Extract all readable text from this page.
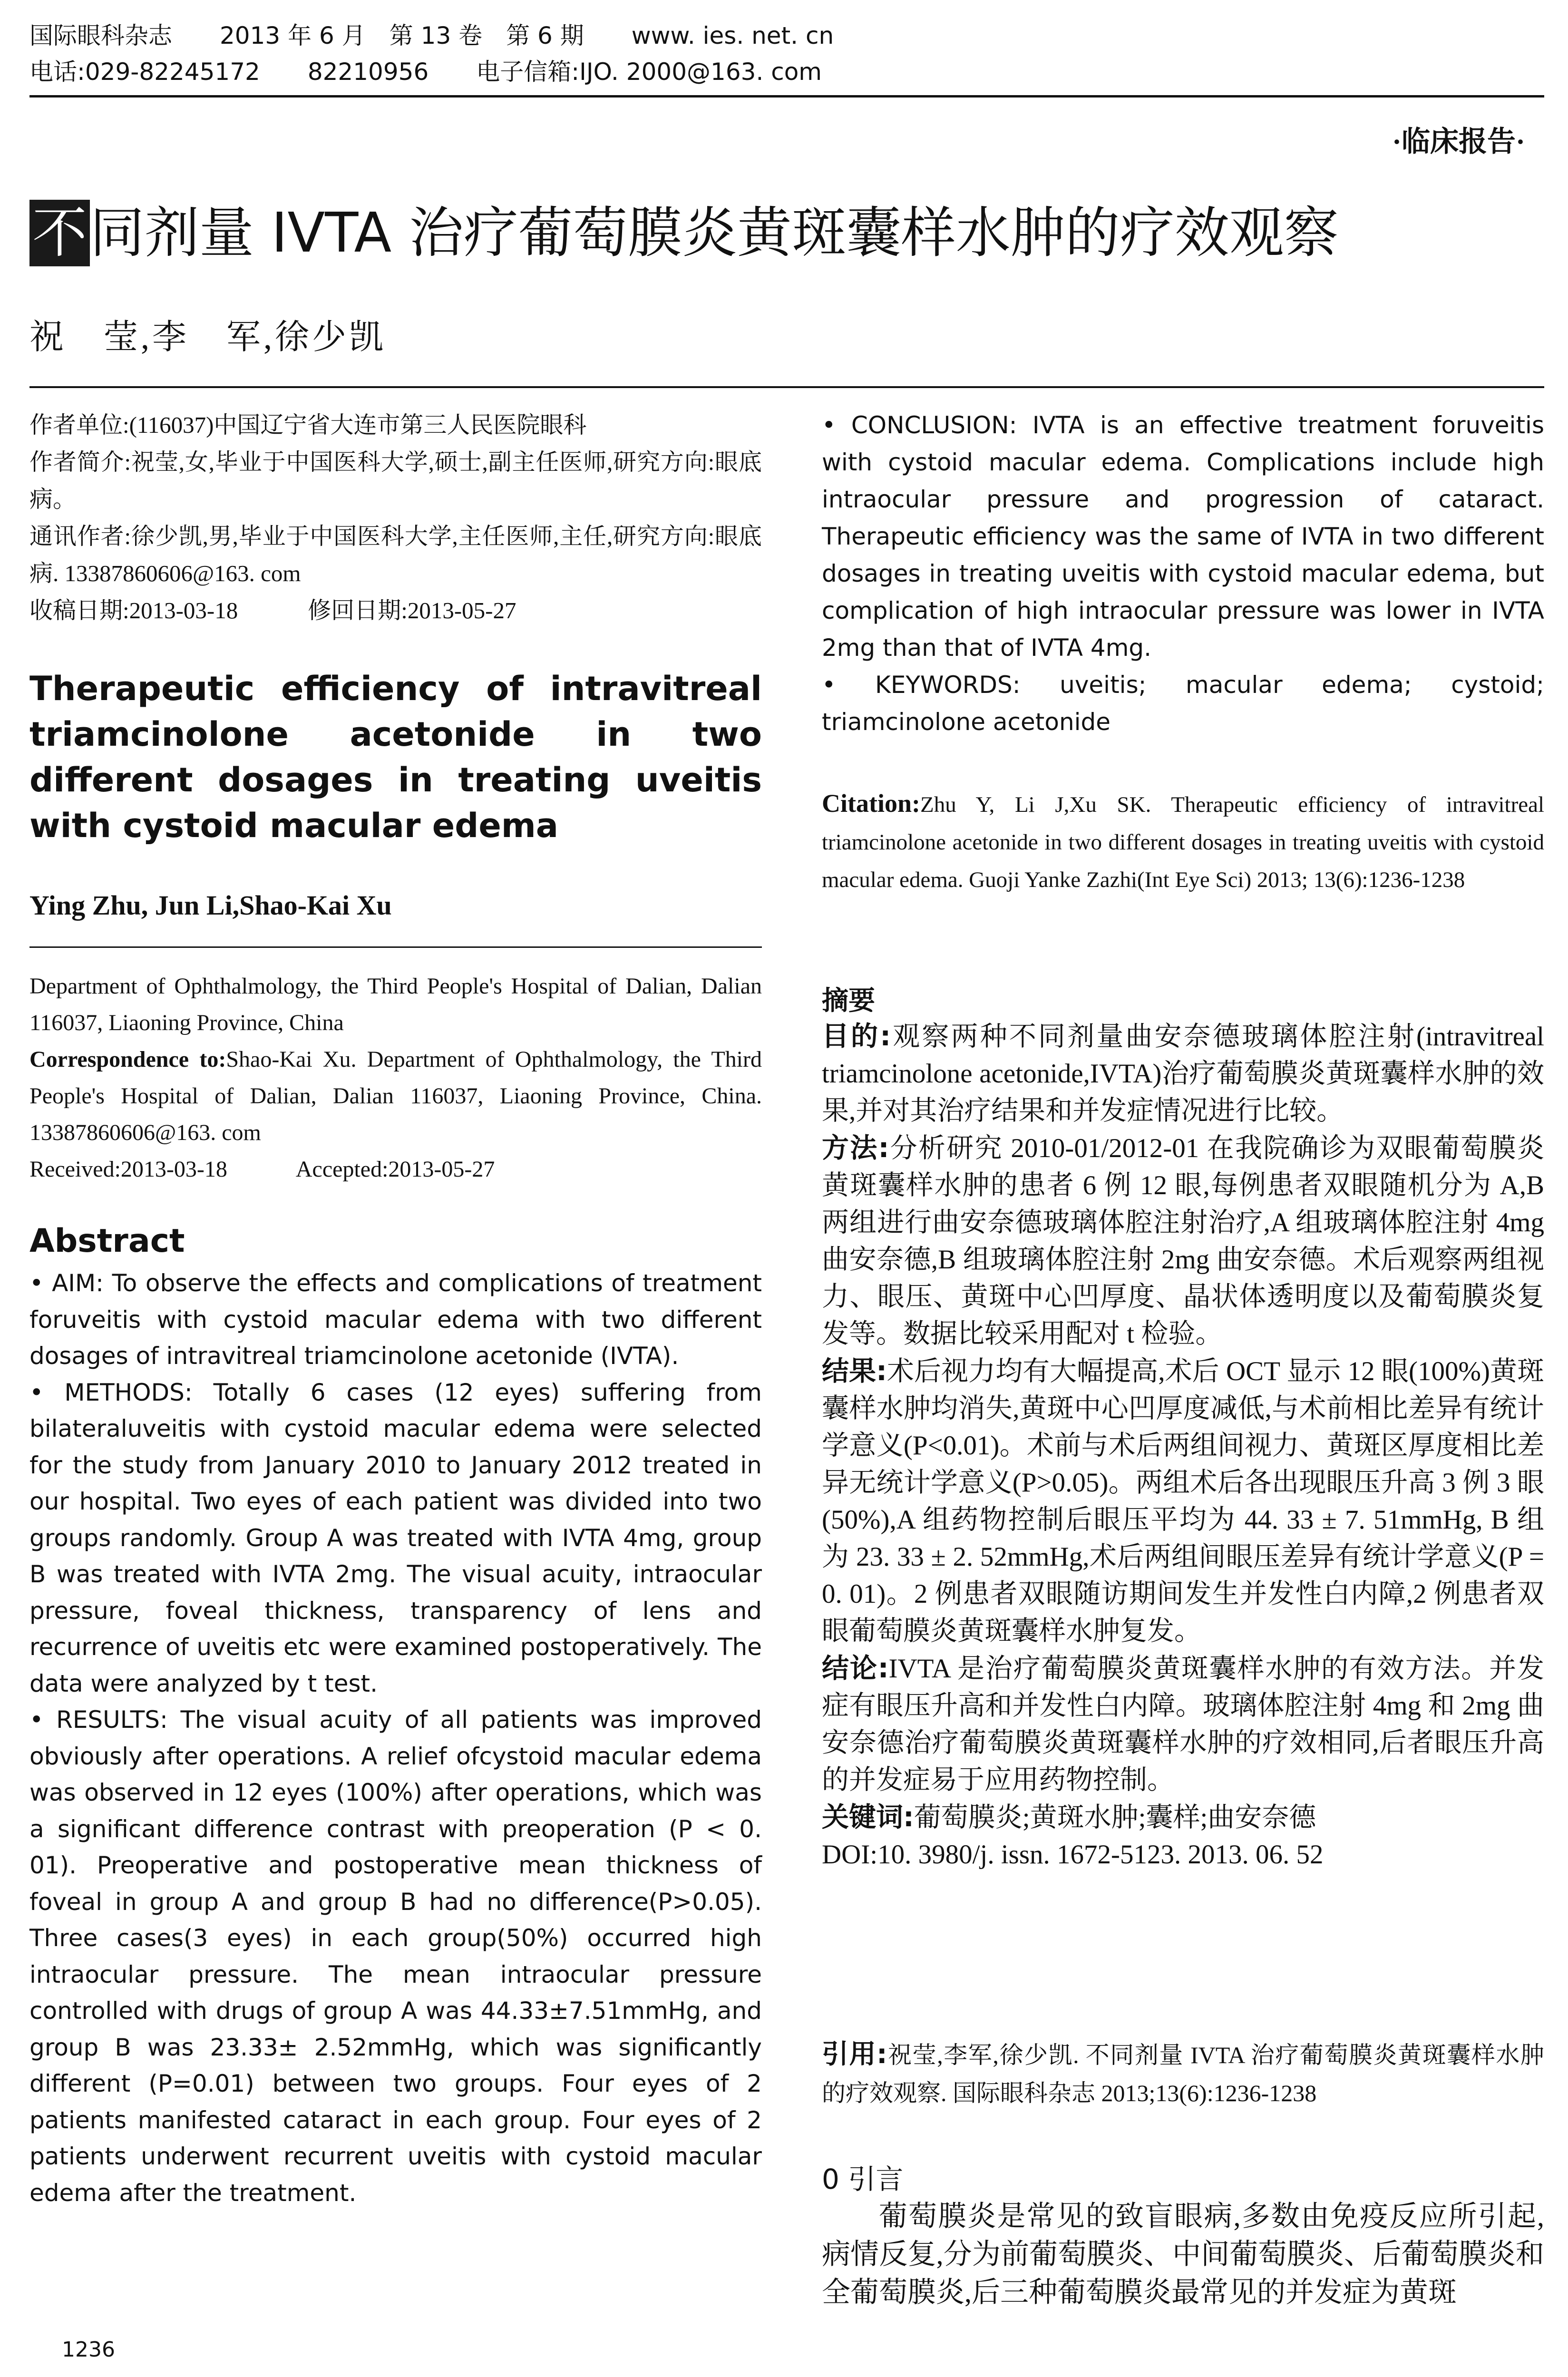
国际眼科杂志　　2013 年 6 月　第 13 卷　第 6 期　　www. ies. net. cn
电话:029-82245172　　82210956　　电子信箱:IJO. 2000@163. com
·临床报告·
不同剂量 IVTA 治疗葡萄膜炎黄斑囊样水肿的疗效观察
祝　莹,李　军,徐少凯

作者单位:(116037)中国辽宁省大连市第三人民医院眼科

作者简介:祝莹,女,毕业于中国医科大学,硕士,副主任医师,研究方向:眼底病。

通讯作者:徐少凯,男,毕业于中国医科大学,主任医师,主任,研究方向:眼底病. 13387860606@163. com

收稿日期:2013-03-18　　　修回日期:2013-05-27

Therapeutic efficiency of intravitreal triamcinolone acetonide in two different dosages in treating uveitis with cystoid macular edema
Ying Zhu, Jun Li,Shao-Kai Xu

Department of Ophthalmology, the Third People's Hospital of Dalian, Dalian 116037, Liaoning Province, China

Correspondence to:Shao-Kai Xu. Department of Ophthalmology, the Third People's Hospital of Dalian, Dalian 116037, Liaoning Province, China. 13387860606@163. com

Received:2013-03-18　　　Accepted:2013-05-27

Abstract

• AIM: To observe the effects and complications of treatment foruveitis with cystoid macular edema with two different dosages of intravitreal triamcinolone acetonide (IVTA).

• METHODS: Totally 6 cases (12 eyes) suffering from bilateraluveitis with cystoid macular edema were selected for the study from January 2010 to January 2012 treated in our hospital. Two eyes of each patient was divided into two groups randomly. Group A was treated with IVTA 4mg, group B was treated with IVTA 2mg. The visual acuity, intraocular pressure, foveal thickness, transparency of lens and recurrence of uveitis etc were examined postoperatively. The data were analyzed by t test.

• RESULTS: The visual acuity of all patients was improved obviously after operations. A relief ofcystoid macular edema was observed in 12 eyes (100%) after operations, which was a significant difference contrast with preoperation (P < 0. 01). Preoperative and postoperative mean thickness of foveal in group A and group B had no difference(P>0.05). Three cases(3 eyes) in each group(50%) occurred high intraocular pressure. The mean intraocular pressure controlled with drugs of group A was 44.33±7.51mmHg, and group B was 23.33± 2.52mmHg, which was significantly different (P=0.01) between two groups. Four eyes of 2 patients manifested cataract in each group. Four eyes of 2 patients underwent recurrent uveitis with cystoid macular edema after the treatment.

• CONCLUSION: IVTA is an effective treatment foruveitis with cystoid macular edema. Complications include high intraocular pressure and progression of cataract. Therapeutic efficiency was the same of IVTA in two different dosages in treating uveitis with cystoid macular edema, but complication of high intraocular pressure was lower in IVTA 2mg than that of IVTA 4mg.

• KEYWORDS: uveitis; macular edema; cystoid; triamcinolone acetonide

Citation:Zhu Y, Li J,Xu SK. Therapeutic efficiency of intravitreal triamcinolone acetonide in two different dosages in treating uveitis with cystoid macular edema. Guoji Yanke Zazhi(Int Eye Sci) 2013; 13(6):1236-1238
摘要

目的:观察两种不同剂量曲安奈德玻璃体腔注射(intravitreal triamcinolone acetonide,IVTA)治疗葡萄膜炎黄斑囊样水肿的效果,并对其治疗结果和并发症情况进行比较。

方法:分析研究 2010-01/2012-01 在我院确诊为双眼葡萄膜炎黄斑囊样水肿的患者 6 例 12 眼,每例患者双眼随机分为 A,B 两组进行曲安奈德玻璃体腔注射治疗,A 组玻璃体腔注射 4mg 曲安奈德,B 组玻璃体腔注射 2mg 曲安奈德。术后观察两组视力、眼压、黄斑中心凹厚度、晶状体透明度以及葡萄膜炎复发等。数据比较采用配对 t 检验。

结果:术后视力均有大幅提高,术后 OCT 显示 12 眼(100%)黄斑囊样水肿均消失,黄斑中心凹厚度减低,与术前相比差异有统计学意义(P<0.01)。术前与术后两组间视力、黄斑区厚度相比差异无统计学意义(P>0.05)。两组术后各出现眼压升高 3 例 3 眼(50%),A 组药物控制后眼压平均为 44. 33 ± 7. 51mmHg, B 组为 23. 33 ± 2. 52mmHg,术后两组间眼压差异有统计学意义(P = 0. 01)。2 例患者双眼随访期间发生并发性白内障,2 例患者双眼葡萄膜炎黄斑囊样水肿复发。

结论:IVTA 是治疗葡萄膜炎黄斑囊样水肿的有效方法。并发症有眼压升高和并发性白内障。玻璃体腔注射 4mg 和 2mg 曲安奈德治疗葡萄膜炎黄斑囊样水肿的疗效相同,后者眼压升高的并发症易于应用药物控制。

关键词:葡萄膜炎;黄斑水肿;囊样;曲安奈德

DOI:10. 3980/j. issn. 1672-5123. 2013. 06. 52

引用:祝莹,李军,徐少凯. 不同剂量 IVTA 治疗葡萄膜炎黄斑囊样水肿的疗效观察. 国际眼科杂志 2013;13(6):1236-1238
0 引言
葡萄膜炎是常见的致盲眼病,多数由免疫反应所引起,病情反复,分为前葡萄膜炎、中间葡萄膜炎、后葡萄膜炎和全葡萄膜炎,后三种葡萄膜炎最常见的并发症为黄斑
1236
